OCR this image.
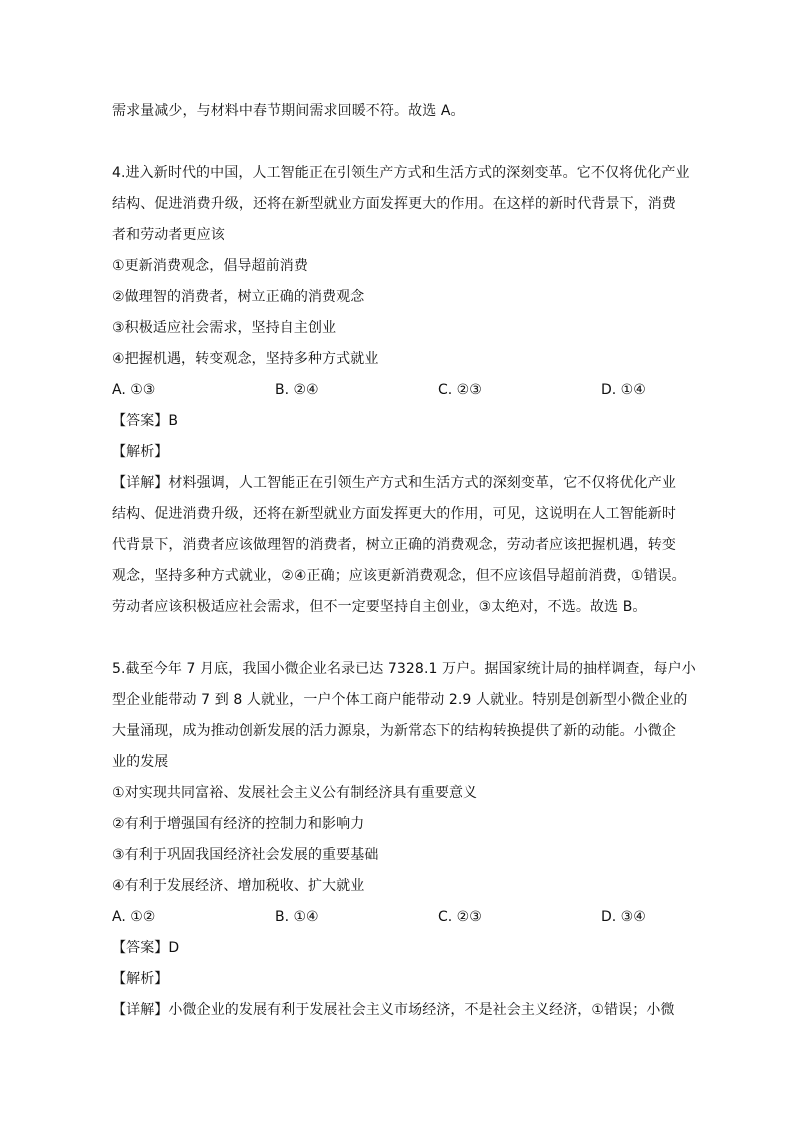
需求量减少，与材料中春节期间需求回暖不符。故选 A。
4.进入新时代的中国，人工智能正在引领生产方式和生活方式的深刻变革。它不仅将优化产业
结构、促进消费升级，还将在新型就业方面发挥更大的作用。在这样的新时代背景下，消费
者和劳动者更应该
①更新消费观念，倡导超前消费
②做理智的消费者，树立正确的消费观念
③积极适应社会需求，坚持自主创业
④把握机遇，转变观念，坚持多种方式就业
A. ①③	B. ②④	C. ②③	D. ①④
【答案】B
【解析】
【详解】材料强调，人工智能正在引领生产方式和生活方式的深刻变革，它不仅将优化产业
结构、促进消费升级，还将在新型就业方面发挥更大的作用，可见，这说明在人工智能新时
代背景下，消费者应该做理智的消费者，树立正确的消费观念，劳动者应该把握机遇，转变
观念，坚持多种方式就业，②④正确；应该更新消费观念，但不应该倡导超前消费，①错误。
劳动者应该积极适应社会需求，但不一定要坚持自主创业，③太绝对，不选。故选 B。
5.截至今年 7 月底，我国小微企业名录已达 7328.1 万户。据国家统计局的抽样调查，每户小
型企业能带动 7 到 8 人就业，一户个体工商户能带动 2.9 人就业。特别是创新型小微企业的
大量涌现，成为推动创新发展的活力源泉，为新常态下的结构转换提供了新的动能。小微企
业的发展
①对实现共同富裕、发展社会主义公有制经济具有重要意义
②有利于增强国有经济的控制力和影响力
③有利于巩固我国经济社会发展的重要基础
④有利于发展经济、增加税收、扩大就业
A. ①②	B. ①④	C. ②③	D. ③④
【答案】D
【解析】
【详解】小微企业的发展有利于发展社会主义市场经济，不是社会主义经济，①错误；小微
